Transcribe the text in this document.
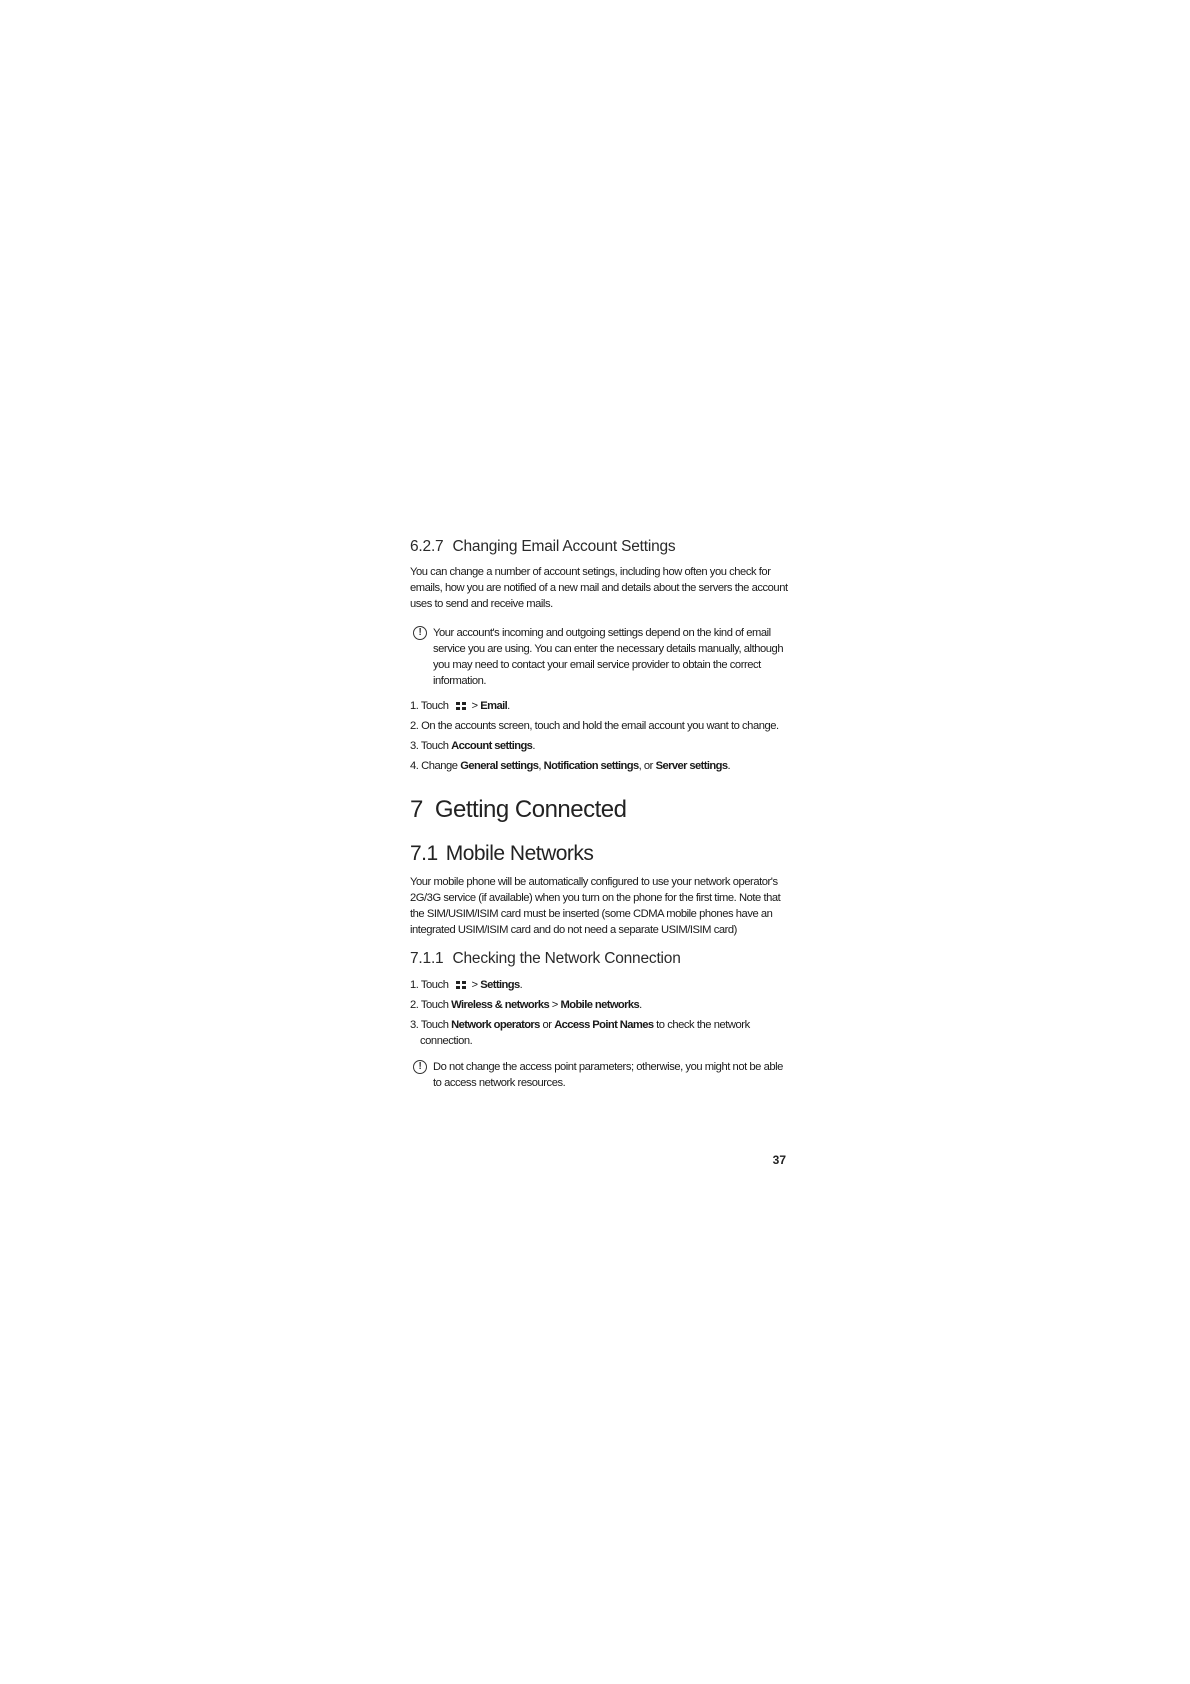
6.2.7 Changing Email Account Settings

You can change a number of account setings, including how often you check for emails, how you are notified of a new mail and details about the servers the account uses to send and receive mails.

!	Your account's incoming and outgoing settings depend on the kind of email service you are using. You can enter the necessary details manually, although you may need to contact your email service provider to obtain the correct information.
1. Touch > Email.
2. On the accounts screen, touch and hold the email account you want to change.
3. Touch Account settings.
4. Change General settings, Notification settings, or Server settings.
7 Getting Connected
7.1 Mobile Networks

Your mobile phone will be automatically configured to use your network operator's 2G/3G service (if available) when you turn on the phone for the first time. Note that the SIM/USIM/ISIM card must be inserted (some CDMA mobile phones have an integrated USIM/ISIM card and do not need a separate USIM/ISIM card)

7.1.1 Checking the Network Connection
1. Touch > Settings.
2. Touch Wireless & networks > Mobile networks.
3. Touch Network operators or Access Point Names to check the network
connection.
!	Do not change the access point parameters; otherwise, you might not be able to access network resources.
37
